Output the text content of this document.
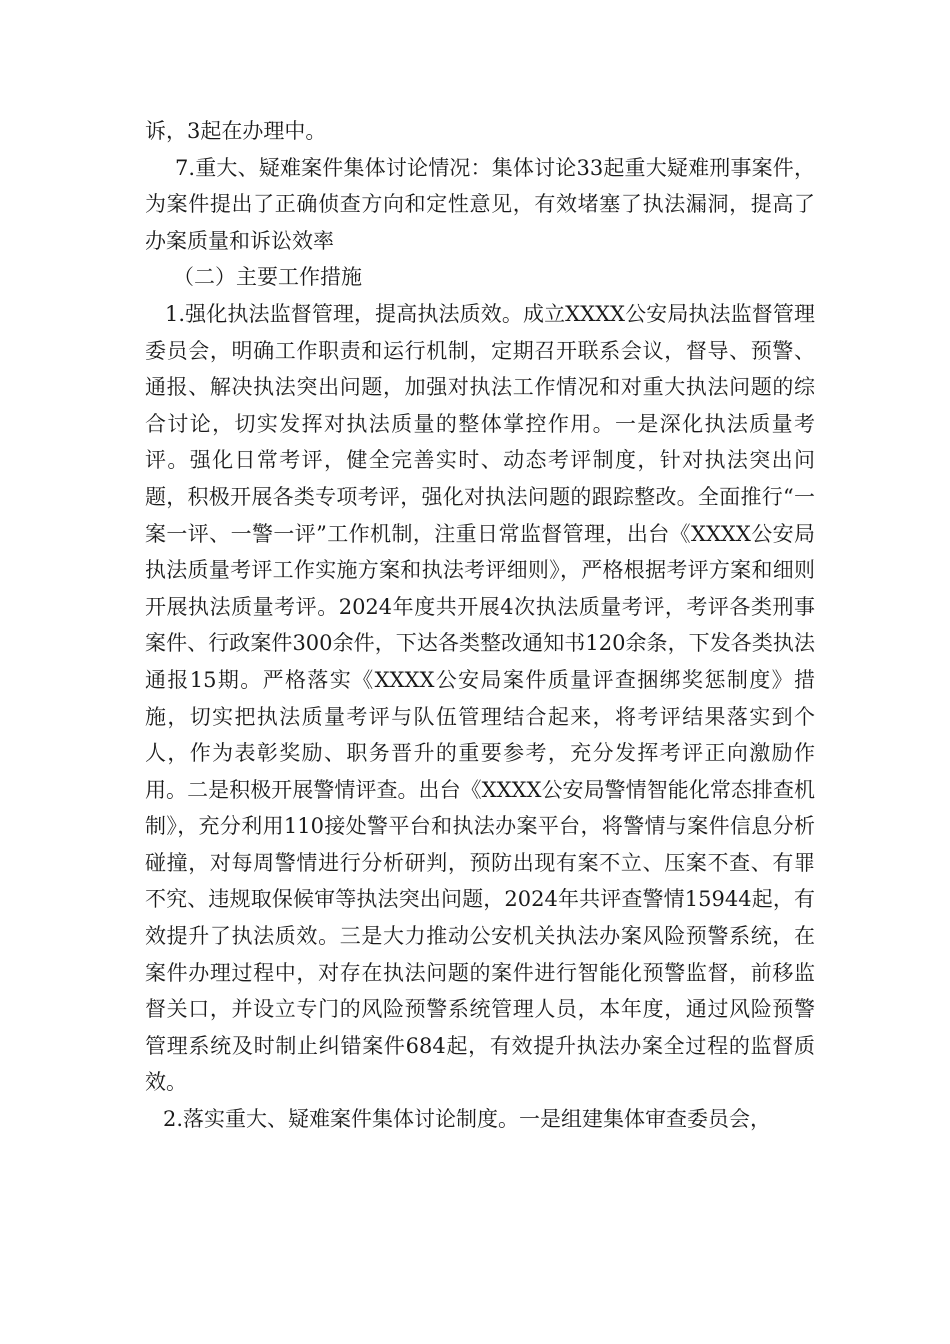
诉，3起在办理中。

7.重大、疑难案件集体讨论情况：集体讨论33起重大疑难刑事案件，为案件提出了正确侦查方向和定性意见，有效堵塞了执法漏洞，提高了办案质量和诉讼效率

（二）主要工作措施

1.强化执法监督管理，提高执法质效。成立XXXX公安局执法监督管理委员会，明确工作职责和运行机制，定期召开联系会议，督导、预警、通报、解决执法突出问题，加强对执法工作情况和对重大执法问题的综合讨论，切实发挥对执法质量的整体掌控作用。一是深化执法质量考评。强化日常考评，健全完善实时、动态考评制度，针对执法突出问题，积极开展各类专项考评，强化对执法问题的跟踪整改。全面推行“一案一评、一警一评”工作机制，注重日常监督管理，出台《XXXX公安局执法质量考评工作实施方案和执法考评细则》，严格根据考评方案和细则开展执法质量考评。2024年度共开展4次执法质量考评，考评各类刑事案件、行政案件300余件，下达各类整改通知书120余条，下发各类执法通报15期。严格落实《XXXX公安局案件质量评查捆绑奖惩制度》措施，切实把执法质量考评与队伍管理结合起来，将考评结果落实到个人，作为表彰奖励、职务晋升的重要参考，充分发挥考评正向激励作用。二是积极开展警情评查。出台《XXXX公安局警情智能化常态排查机制》，充分利用110接处警平台和执法办案平台，将警情与案件信息分析碰撞，对每周警情进行分析研判，预防出现有案不立、压案不查、有罪不究、违规取保候审等执法突出问题，2024年共评查警情15944起，有效提升了执法质效。三是大力推动公安机关执法办案风险预警系统，在案件办理过程中，对存在执法问题的案件进行智能化预警监督，前移监督关口，并设立专门的风险预警系统管理人员，本年度，通过风险预警管理系统及时制止纠错案件684起，有效提升执法办案全过程的监督质效。

2.落实重大、疑难案件集体讨论制度。一是组建集体审查委员会，
